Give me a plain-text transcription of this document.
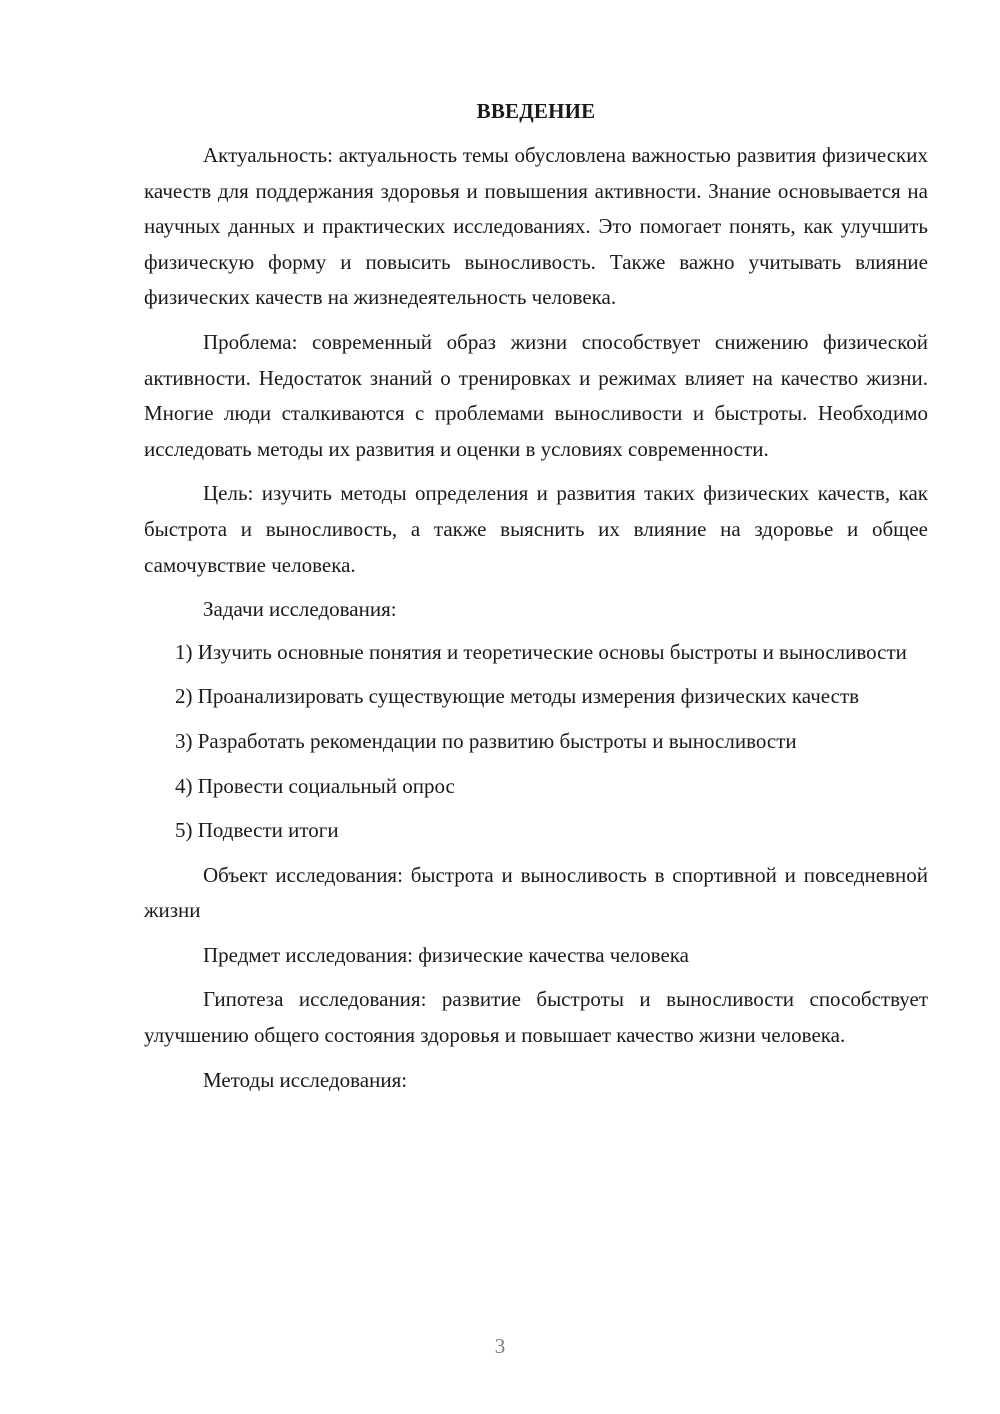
ВВЕДЕНИЕ

Актуальность: актуальность темы обусловлена важностью развития физических качеств для поддержания здоровья и повышения активности. Знание основывается на научных данных и практических исследованиях. Это помогает понять, как улучшить физическую форму и повысить выносливость. Также важно учитывать влияние физических качеств на жизнедеятельность человека.

Проблема: современный образ жизни способствует снижению физической активности. Недостаток знаний о тренировках и режимах влияет на качество жизни. Многие люди сталкиваются с проблемами выносливости и быстроты. Необходимо исследовать методы их развития и оценки в условиях современности.

Цель: изучить методы определения и развития таких физических качеств, как быстрота и выносливость, а также выяснить их влияние на здоровье и общее самочувствие человека.

Задачи исследования:

1) Изучить основные понятия и теоретические основы быстроты и выносливости

2) Проанализировать существующие методы измерения физических качеств

3) Разработать рекомендации по развитию быстроты и выносливости

4) Провести социальный опрос

5) Подвести итоги

Объект исследования: быстрота и выносливость в спортивной и повседневной жизни

Предмет исследования: физические качества человека

Гипотеза исследования: развитие быстроты и выносливости способствует улучшению общего состояния здоровья и повышает качество жизни человека.

Методы исследования:

3
